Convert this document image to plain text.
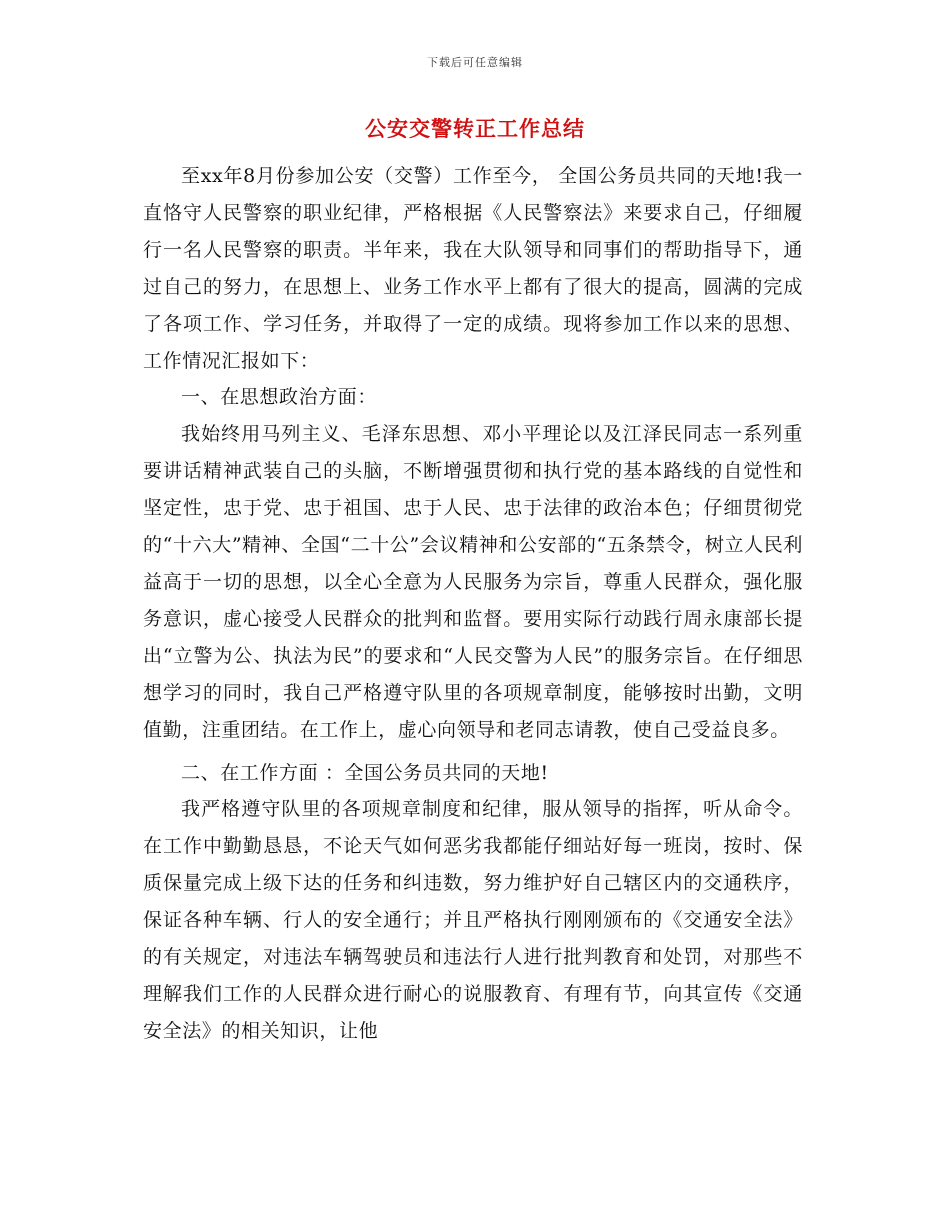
下载后可任意编辑
公安交警转正工作总结

至xx年8月份参加公安（交警）工作至今， 全国公务员共同的天地!我一直恪守人民警察的职业纪律，严格根据《人民警察法》来要求自己，仔细履行一名人民警察的职责。半年来，我在大队领导和同事们的帮助指导下，通过自己的努力，在思想上、业务工作水平上都有了很大的提高，圆满的完成了各项工作、学习任务，并取得了一定的成绩。现将参加工作以来的思想、工作情况汇报如下：

一、在思想政治方面：

我始终用马列主义、毛泽东思想、邓小平理论以及江泽民同志一系列重要讲话精神武装自己的头脑，不断增强贯彻和执行党的基本路线的自觉性和坚定性，忠于党、忠于祖国、忠于人民、忠于法律的政治本色；仔细贯彻党的“十六大”精神、全国“二十公”会议精神和公安部的“五条禁令，树立人民利益高于一切的思想，以全心全意为人民服务为宗旨，尊重人民群众，强化服务意识，虚心接受人民群众的批判和监督。要用实际行动践行周永康部长提出“立警为公、执法为民”的要求和“人民交警为人民”的服务宗旨。在仔细思想学习的同时，我自己严格遵守队里的各项规章制度，能够按时出勤，文明值勤，注重团结。在工作上，虚心向领导和老同志请教，使自己受益良多。

二、在工作方面 ：全国公务员共同的天地!

我严格遵守队里的各项规章制度和纪律，服从领导的指挥，听从命令。在工作中勤勤恳恳，不论天气如何恶劣我都能仔细站好每一班岗，按时、保质保量完成上级下达的任务和纠违数，努力维护好自己辖区内的交通秩序，保证各种车辆、行人的安全通行；并且严格执行刚刚颁布的《交通安全法》的有关规定，对违法车辆驾驶员和违法行人进行批判教育和处罚，对那些不理解我们工作的人民群众进行耐心的说服教育、有理有节，向其宣传《交通安全法》的相关知识，让他
